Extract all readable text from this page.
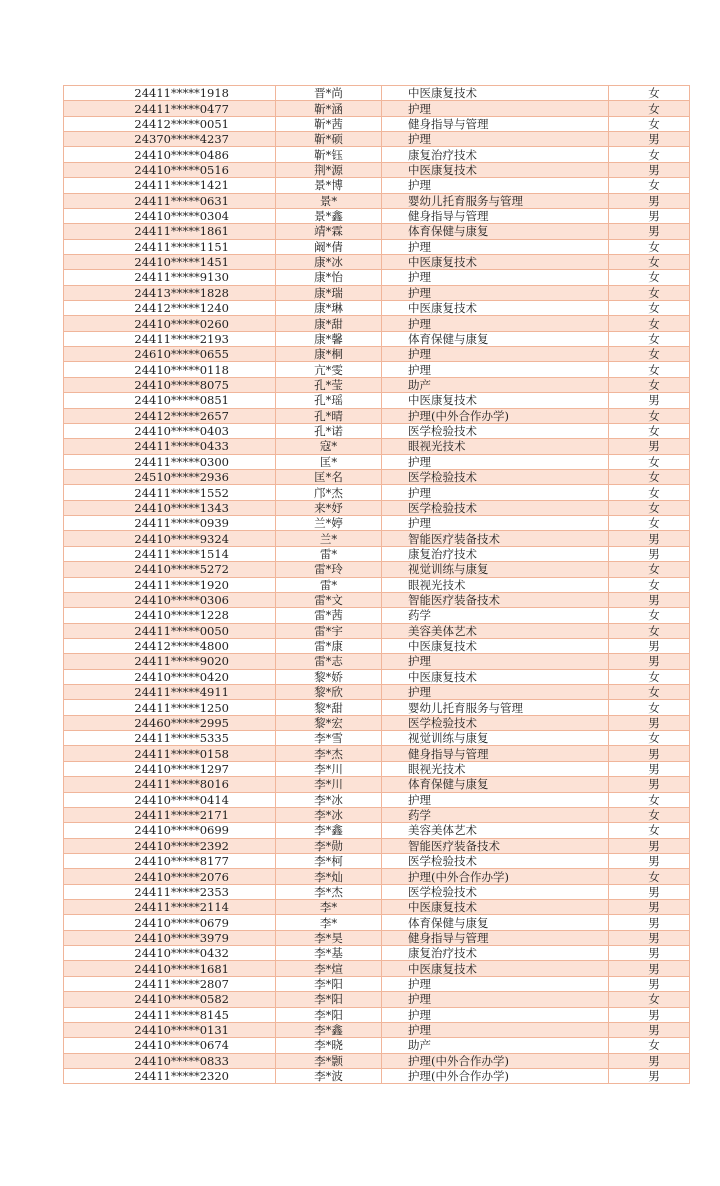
24411*****1918	晋*尚	中医康复技术	女
24411*****0477	靳*涵	护理	女
24412*****0051	靳*茜	健身指导与管理	女
24370*****4237	靳*硕	护理	男
24410*****0486	靳*钰	康复治疗技术	女
24410*****0516	荆*源	中医康复技术	男
24411*****1421	景*博	护理	女
24411*****0631	景*	婴幼儿托育服务与管理	男
24410*****0304	景*鑫	健身指导与管理	男
24411*****1861	靖*霖	体育保健与康复	男
24411*****1151	阚*倩	护理	女
24410*****1451	康*冰	中医康复技术	女
24411*****9130	康*怡	护理	女
24413*****1828	康*瑞	护理	女
24412*****1240	康*琳	中医康复技术	女
24410*****0260	康*甜	护理	女
24411*****2193	康*馨	体育保健与康复	女
24610*****0655	康*桐	护理	女
24410*****0118	亢*雯	护理	女
24410*****8075	孔*莹	助产	女
24410*****0851	孔*瑶	中医康复技术	男
24412*****2657	孔*晴	护理(中外合作办学)	女
24410*****0403	孔*诺	医学检验技术	女
24411*****0433	寇*	眼视光技术	男
24411*****0300	匡*	护理	女
24510*****2936	匡*名	医学检验技术	女
24411*****1552	邝*杰	护理	女
24410*****1343	来*妤	医学检验技术	女
24411*****0939	兰*婷	护理	女
24410*****9324	兰*	智能医疗装备技术	男
24411*****1514	雷*	康复治疗技术	男
24410*****5272	雷*玲	视觉训练与康复	女
24411*****1920	雷*	眼视光技术	女
24410*****0306	雷*文	智能医疗装备技术	男
24410*****1228	雷*茜	药学	女
24411*****0050	雷*宇	美容美体艺术	女
24412*****4800	雷*康	中医康复技术	男
24411*****9020	雷*志	护理	男
24410*****0420	黎*娇	中医康复技术	女
24411*****4911	黎*欣	护理	女
24411*****1250	黎*甜	婴幼儿托育服务与管理	女
24460*****2995	黎*宏	医学检验技术	男
24411*****5335	李*雪	视觉训练与康复	女
24411*****0158	李*杰	健身指导与管理	男
24410*****1297	李*川	眼视光技术	男
24411*****8016	李*川	体育保健与康复	男
24410*****0414	李*冰	护理	女
24411*****2171	李*冰	药学	女
24410*****0699	李*鑫	美容美体艺术	女
24410*****2392	李*勋	智能医疗装备技术	男
24410*****8177	李*柯	医学检验技术	男
24410*****2076	李*灿	护理(中外合作办学)	女
24411*****2353	李*杰	医学检验技术	男
24411*****2114	李*	中医康复技术	男
24410*****0679	李*	体育保健与康复	男
24410*****3979	李*昊	健身指导与管理	男
24410*****0432	李*基	康复治疗技术	男
24410*****1681	李*煊	中医康复技术	男
24411*****2807	李*阳	护理	男
24410*****0582	李*阳	护理	女
24411*****8145	李*阳	护理	男
24410*****0131	李*鑫	护理	男
24410*****0674	李*晓	助产	女
24410*****0833	李*颢	护理(中外合作办学)	男
24411*****2320	李*波	护理(中外合作办学)	男
